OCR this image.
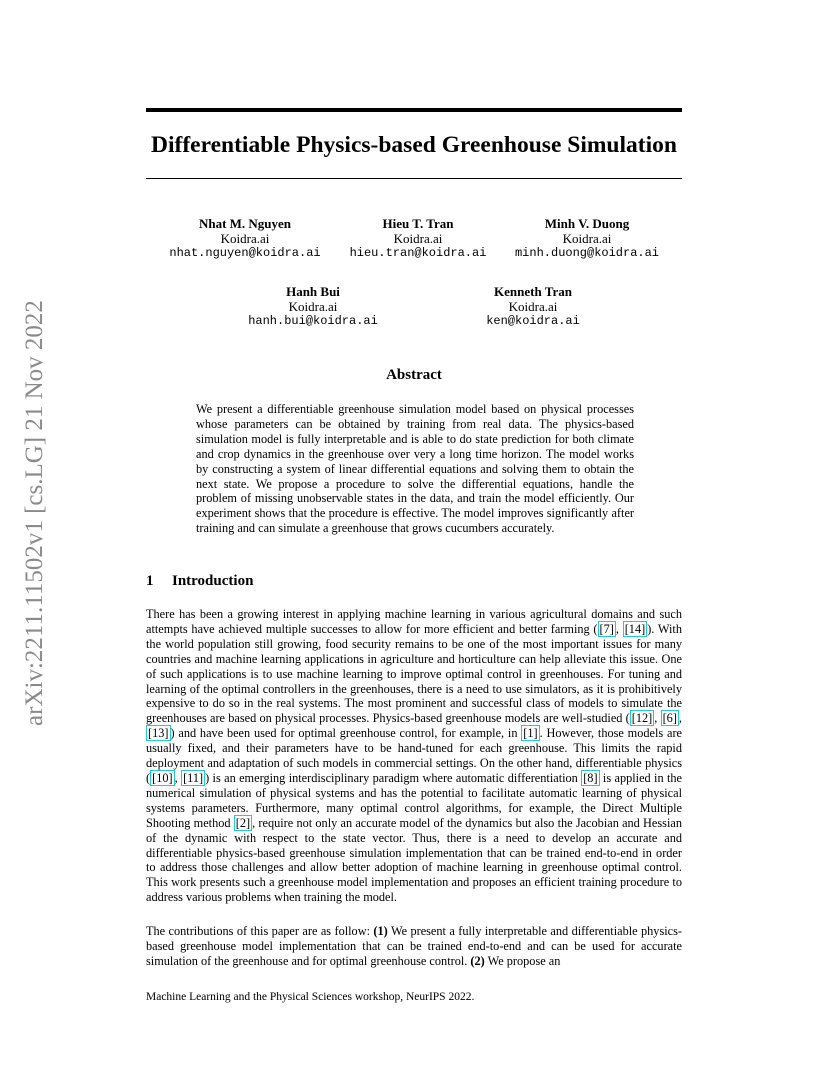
arXiv:2211.11502v1 [cs.LG] 21 Nov 2022
Differentiable Physics-based Greenhouse Simulation
Nhat M. Nguyen
Koidra.ai
nhat.nguyen@koidra.ai
Hieu T. Tran
Koidra.ai
hieu.tran@koidra.ai
Minh V. Duong
Koidra.ai
minh.duong@koidra.ai
Hanh Bui
Koidra.ai
hanh.bui@koidra.ai
Kenneth Tran
Koidra.ai
ken@koidra.ai
Abstract
We present a differentiable greenhouse simulation model based on physical processes whose parameters can be obtained by training from real data. The physics-based simulation model is fully interpretable and is able to do state prediction for both climate and crop dynamics in the greenhouse over very a long time horizon. The model works by constructing a system of linear differential equations and solving them to obtain the next state. We propose a procedure to solve the differential equations, handle the problem of missing unobservable states in the data, and train the model efficiently. Our experiment shows that the procedure is effective. The model improves significantly after training and can simulate a greenhouse that grows cucumbers accurately.
1 Introduction
There has been a growing interest in applying machine learning in various agricultural domains and such attempts have achieved multiple successes to allow for more efficient and better farming ( [7] , [14] ). With the world population still growing, food security remains to be one of the most important issues for many countries and machine learning applications in agriculture and horticulture can help alleviate this issue. One of such applications is to use machine learning to improve optimal control in greenhouses. For tuning and learning of the optimal controllers in the greenhouses, there is a need to use simulators, as it is prohibitively expensive to do so in the real systems. The most prominent and successful class of models to simulate the greenhouses are based on physical processes. Physics-based greenhouse models are well-studied ( [12] , [6] , [13] ) and have been used for optimal greenhouse control, for example, in [1] . However, those models are usually fixed, and their parameters have to be hand-tuned for each greenhouse. This limits the rapid deployment and adaptation of such models in commercial settings. On the other hand, differentiable physics ( [10] , [11] ) is an emerging interdisciplinary paradigm where automatic differentiation [8] is applied in the numerical simulation of physical systems and has the potential to facilitate automatic learning of physical systems parameters. Furthermore, many optimal control algorithms, for example, the Direct Multiple Shooting method [2] , require not only an accurate model of the dynamics but also the Jacobian and Hessian of the dynamic with respect to the state vector. Thus, there is a need to develop an accurate and differentiable physics-based greenhouse simulation implementation that can be trained end-to-end in order to address those challenges and allow better adoption of machine learning in greenhouse optimal control. This work presents such a greenhouse model implementation and proposes an efficient training procedure to address various problems when training the model.
The contributions of this paper are as follow: (1) We present a fully interpretable and differentiable physics-based greenhouse model implementation that can be trained end-to-end and can be used for accurate simulation of the greenhouse and for optimal greenhouse control. (2) We propose an
Machine Learning and the Physical Sciences workshop, NeurIPS 2022.
